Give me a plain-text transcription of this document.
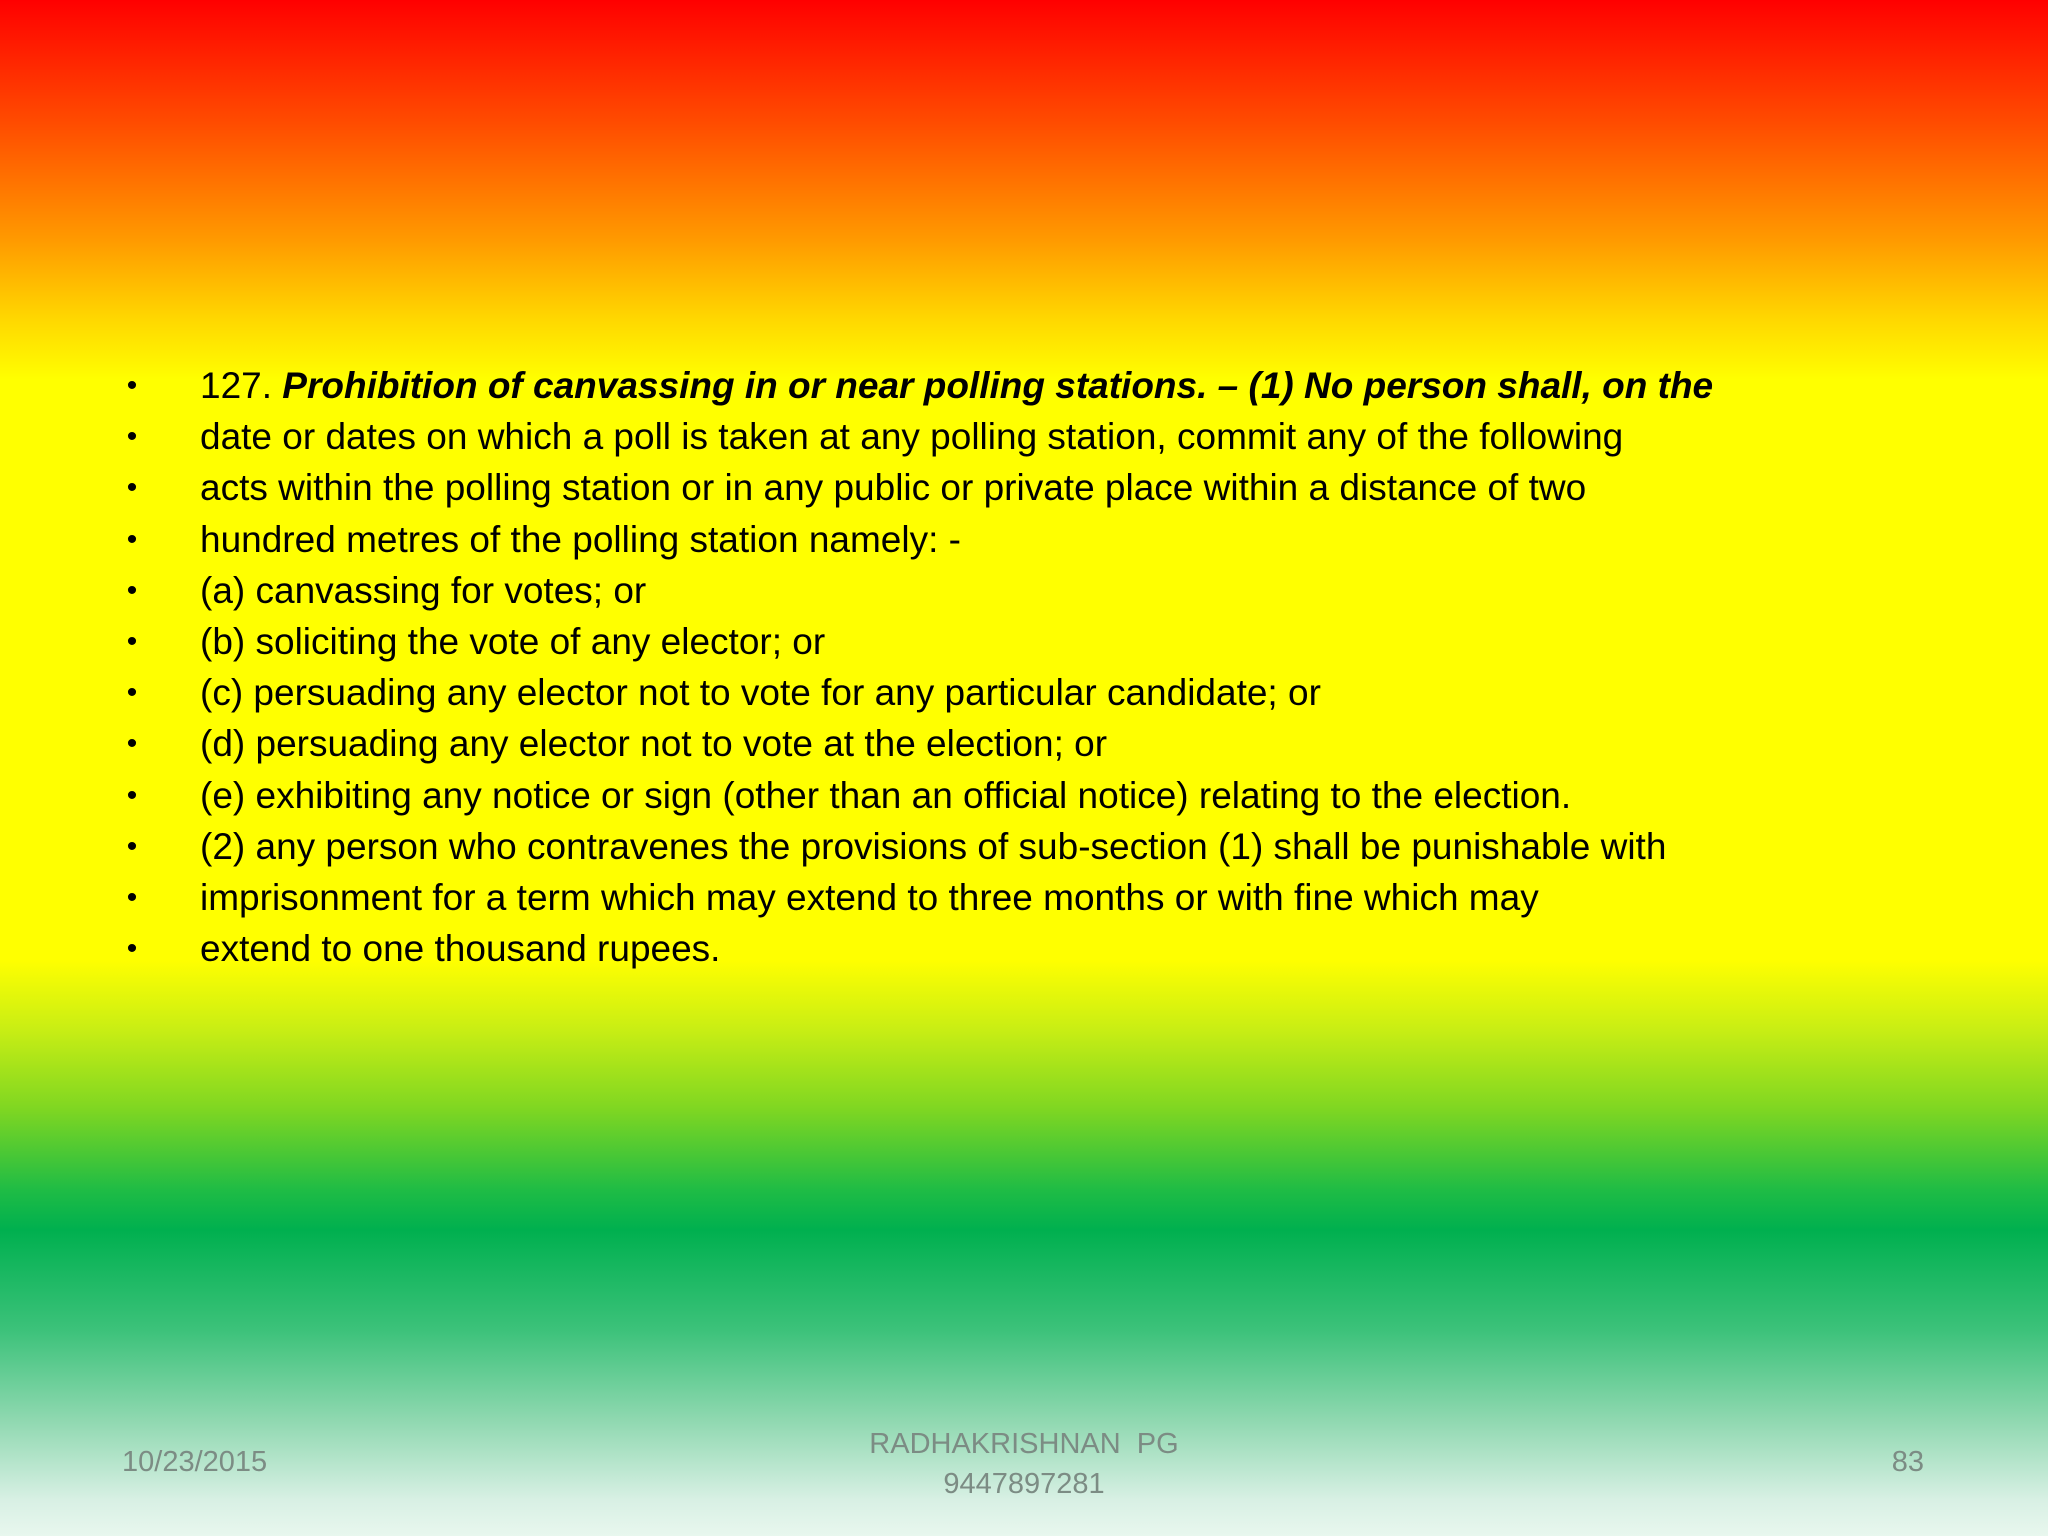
• 127. Prohibition of canvassing in or near polling stations. – (1) No person shall, on the
• date or dates on which a poll is taken at any polling station, commit any of the following
• acts within the polling station or in any public or private place within a distance of two
• hundred metres of the polling station namely: -
• (a) canvassing for votes; or
• (b) soliciting the vote of any elector; or
• (c) persuading any elector not to vote for any particular candidate; or
• (d) persuading any elector not to vote at the election; or
• (e) exhibiting any notice or sign (other than an official notice) relating to the election.
• (2) any person who contravenes the provisions of sub-section (1) shall be punishable with
• imprisonment for a term which may extend to three months or with fine which may
• extend to one thousand rupees.
10/23/2015
RADHAKRISHNAN  PG
9447897281
83
